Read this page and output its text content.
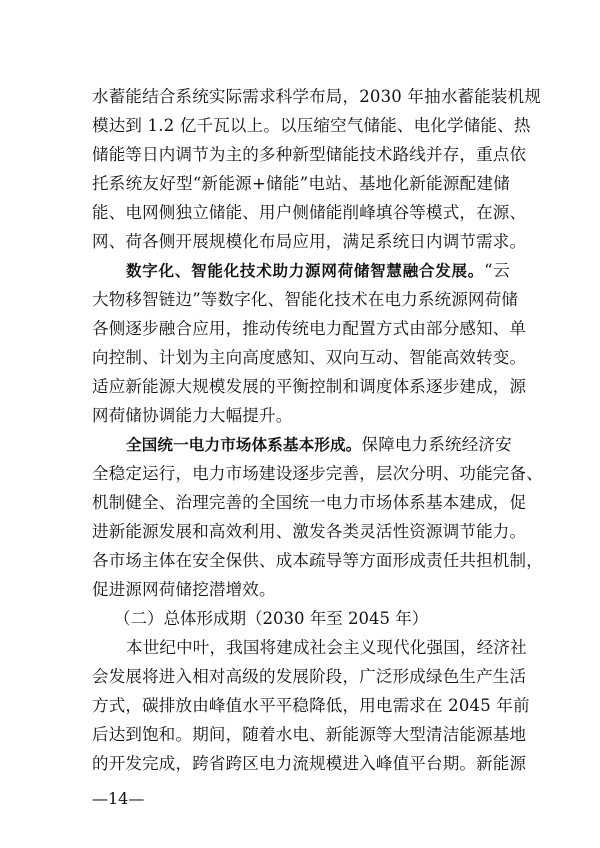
水蓄能结合系统实际需求科学布局，2030 年抽水蓄能装机规
模达到 1.2 亿千瓦以上。以压缩空气储能、电化学储能、热
储能等日内调节为主的多种新型储能技术路线并存，重点依
托系统友好型“新能源+储能”电站、基地化新能源配建储
能、电网侧独立储能、用户侧储能削峰填谷等模式，在源、
网、荷各侧开展规模化布局应用，满足系统日内调节需求。
数字化、智能化技术助力源网荷储智慧融合发展。“云
大物移智链边”等数字化、智能化技术在电力系统源网荷储
各侧逐步融合应用，推动传统电力配置方式由部分感知、单
向控制、计划为主向高度感知、双向互动、智能高效转变。
适应新能源大规模发展的平衡控制和调度体系逐步建成，源
网荷储协调能力大幅提升。
全国统一电力市场体系基本形成。保障电力系统经济安
全稳定运行，电力市场建设逐步完善，层次分明、功能完备、
机制健全、治理完善的全国统一电力市场体系基本建成，促
进新能源发展和高效利用、激发各类灵活性资源调节能力。
各市场主体在安全保供、成本疏导等方面形成责任共担机制，
促进源网荷储挖潜增效。
（二）总体形成期（2030 年至 2045 年）
本世纪中叶，我国将建成社会主义现代化强国，经济社
—14—
会发展将进入相对高级的发展阶段，广泛形成绿色生产生活
方式，碳排放由峰值水平平稳降低，用电需求在 2045 年前
后达到饱和。期间，随着水电、新能源等大型清洁能源基地
的开发完成，跨省跨区电力流规模进入峰值平台期。新能源
